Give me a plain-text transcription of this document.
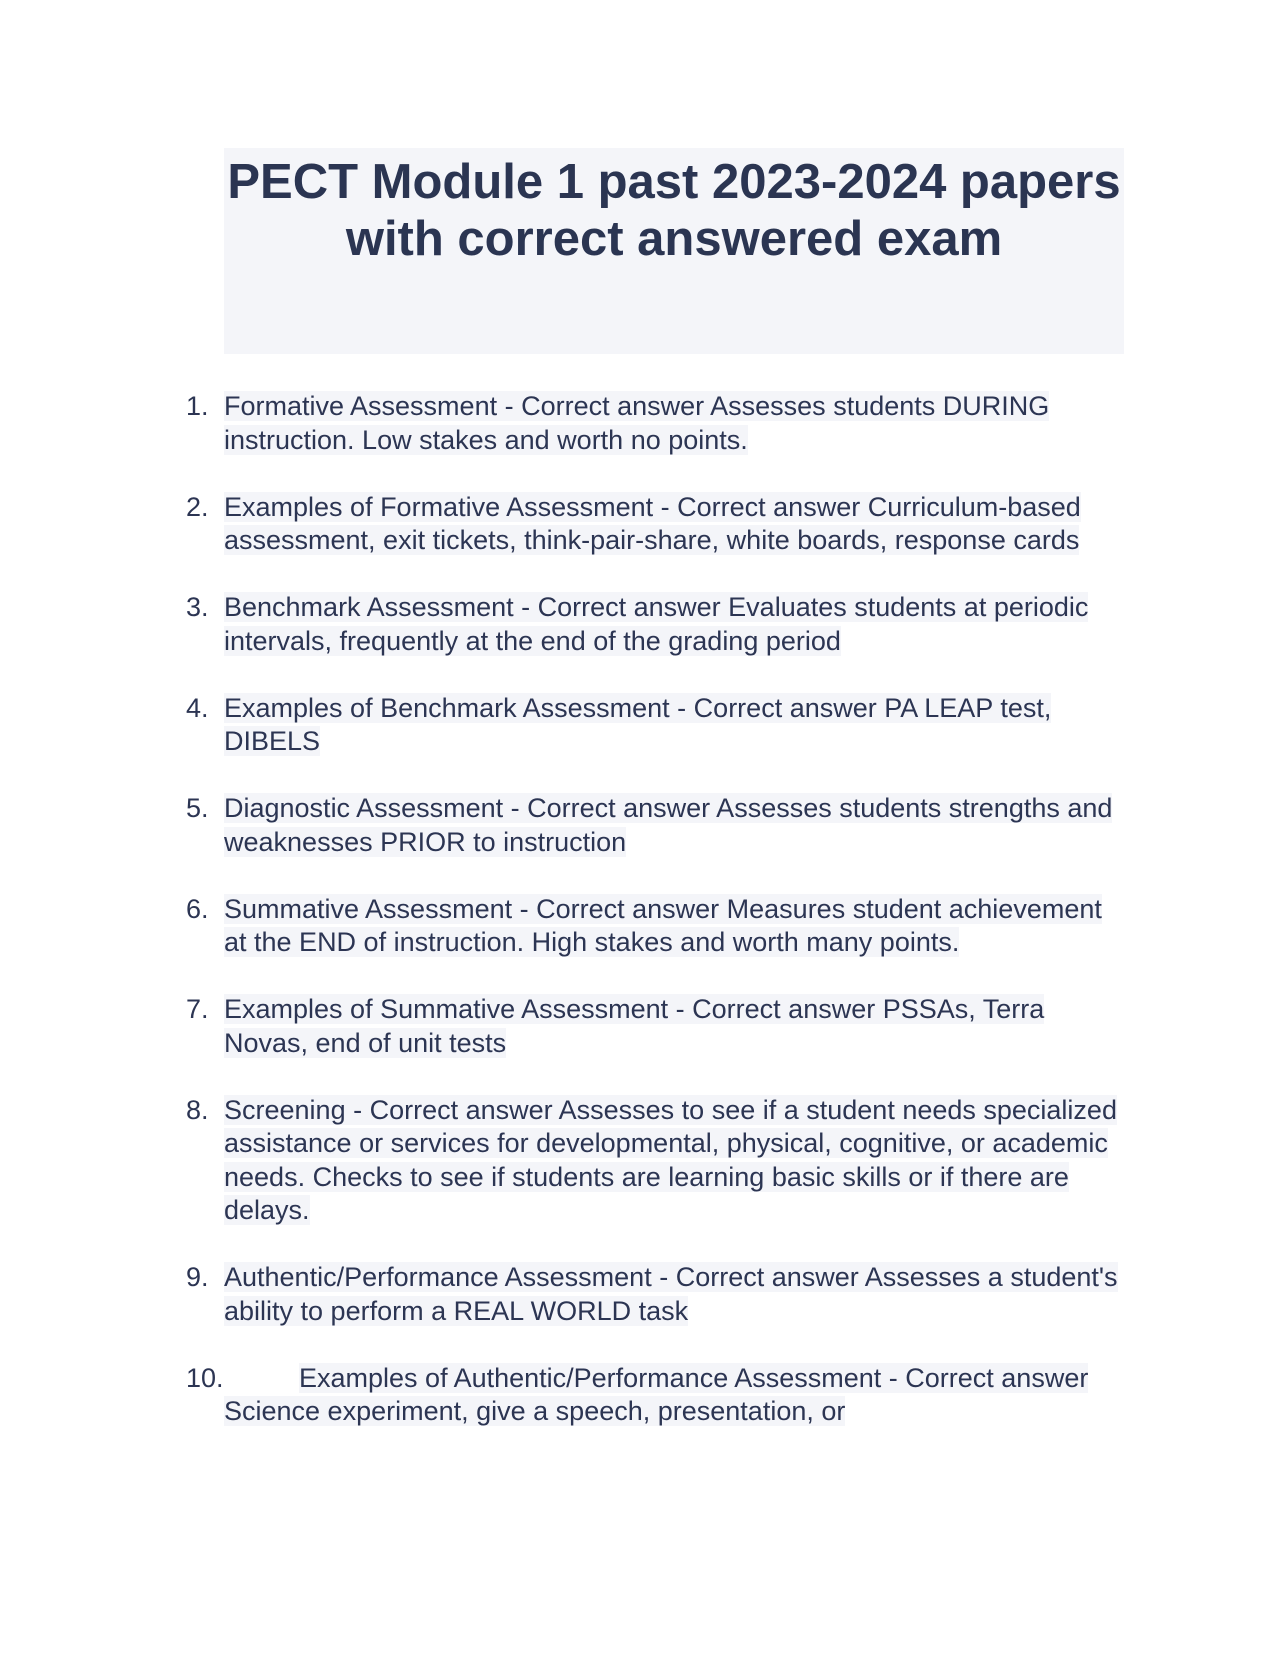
PECT Module 1 past 2023-2024 papers with correct answered exam
1. Formative Assessment - Correct answer Assesses students DURING instruction. Low stakes and worth no points.
2. Examples of Formative Assessment - Correct answer Curriculum-based assessment, exit tickets, think-pair-share, white boards, response cards
3. Benchmark Assessment - Correct answer Evaluates students at periodic intervals, frequently at the end of the grading period
4. Examples of Benchmark Assessment - Correct answer PA LEAP test, DIBELS
5. Diagnostic Assessment - Correct answer Assesses students strengths and weaknesses PRIOR to instruction
6. Summative Assessment - Correct answer Measures student achievement at the END of instruction. High stakes and worth many points.
7. Examples of Summative Assessment - Correct answer PSSAs, Terra Novas, end of unit tests
8. Screening - Correct answer Assesses to see if a student needs specialized assistance or services for developmental, physical, cognitive, or academic needs. Checks to see if students are learning basic skills or if there are delays.
9. Authentic/Performance Assessment - Correct answer Assesses a student's ability to perform a REAL WORLD task
10.	Examples of Authentic/Performance Assessment - Correct answer Science experiment, give a speech, presentation, or
